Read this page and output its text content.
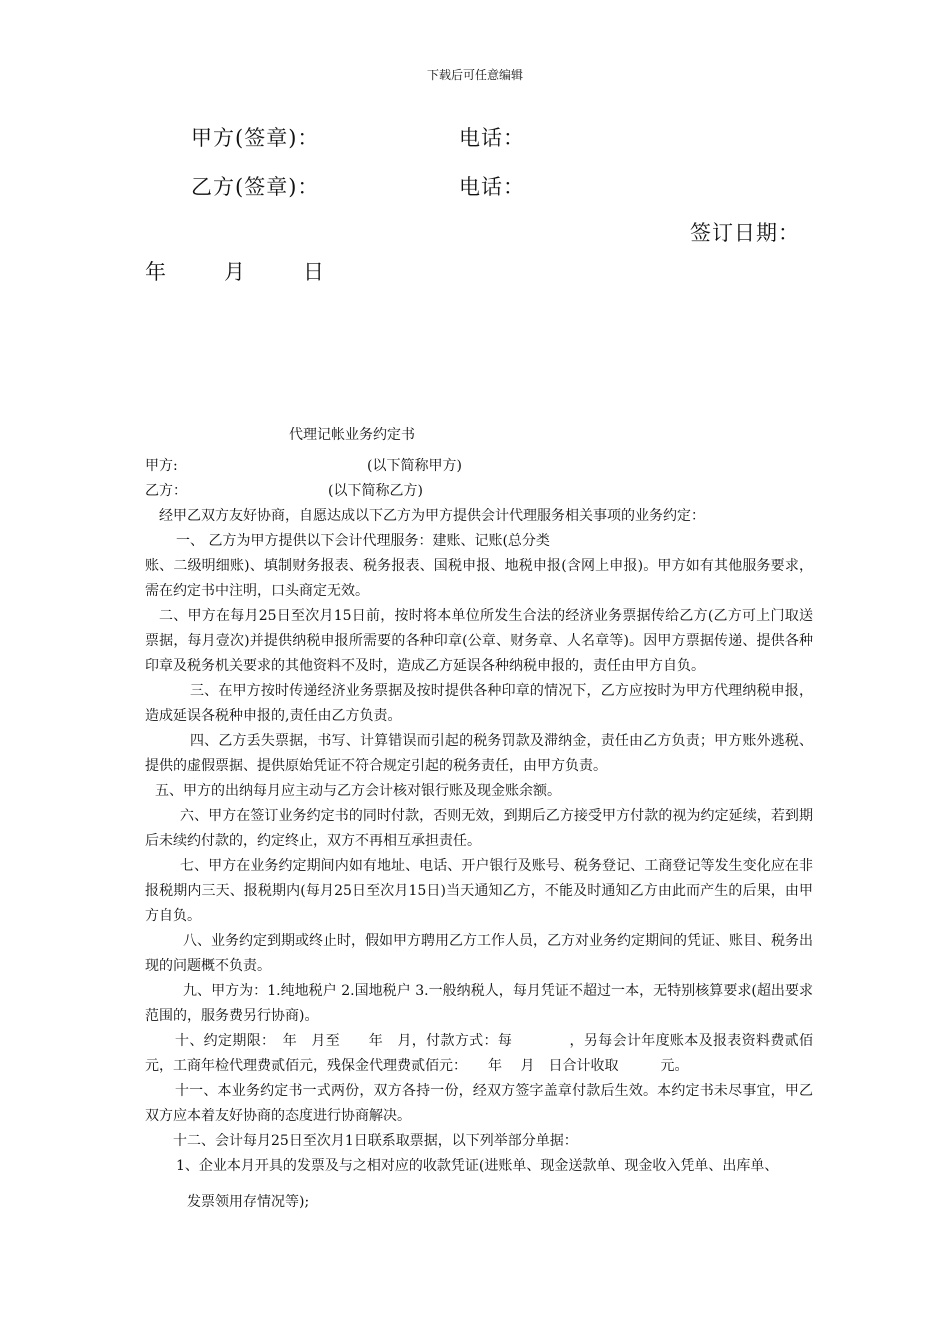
下载后可任意编辑
甲方(签章)：	电话：
乙方(签章)：	电话：
签订日期：
年	月	日
代理记帐业务约定书
甲方:	(以下简称甲方)
乙方：	(以下简称乙方)
经甲乙双方友好协商，自愿达成以下乙方为甲方提供会计代理服务相关事项的业务约定：
一、 乙方为甲方提供以下会计代理服务：建账、记账(总分类
账、二级明细账)、填制财务报表、税务报表、国税申报、地税申报(含网上申报)。甲方如有其他服务要求，需在约定书中注明，口头商定无效。
二、甲方在每月25日至次月15日前，按时将本单位所发生合法的经济业务票据传给乙方(乙方可上门取送票据，每月壹次)并提供纳税申报所需要的各种印章(公章、财务章、人名章等)。因甲方票据传递、提供各种印章及税务机关要求的其他资料不及时，造成乙方延误各种纳税申报的，责任由甲方自负。
三、在甲方按时传递经济业务票据及按时提供各种印章的情况下，乙方应按时为甲方代理纳税申报，造成延误各税种申报的,责任由乙方负责。
四、乙方丢失票据，书写、计算错误而引起的税务罚款及滞纳金，责任由乙方负责；甲方账外逃税、提供的虚假票据、提供原始凭证不符合规定引起的税务责任，由甲方负责。
五、甲方的出纳每月应主动与乙方会计核对银行账及现金账余额。
六、甲方在签订业务约定书的同时付款，否则无效，到期后乙方接受甲方付款的视为约定延续，若到期后未续约付款的，约定终止，双方不再相互承担责任。
七、甲方在业务约定期间内如有地址、电话、开户银行及账号、税务登记、工商登记等发生变化应在非报税期内三天、报税期内(每月25日至次月15日)当天通知乙方，不能及时通知乙方由此而产生的后果，由甲方自负。
八、业务约定到期或终止时，假如甲方聘用乙方工作人员，乙方对业务约定期间的凭证、账目、税务出现的问题概不负责。
九、甲方为：1.纯地税户 2.国地税户 3.一般纳税人，每月凭证不超过一本，无特别核算要求(超出要求范围的，服务费另行协商)。
十、约定期限：　年　月至　　年　月，付款方式：每　　　　，另每会计年度账本及报表资料费贰佰元，工商年检代理费贰佰元，残保金代理费贰佰元：　　年　 月　日合计收取　　　元。
十一、本业务约定书一式两份，双方各持一份，经双方签字盖章付款后生效。本约定书未尽事宜，甲乙双方应本着友好协商的态度进行协商解决。
十二、会计每月25日至次月1日联系取票据，以下列举部分单据：
1、企业本月开具的发票及与之相对应的收款凭证(进账单、现金送款单、现金收入凭单、出库单、
发票领用存情况等);
